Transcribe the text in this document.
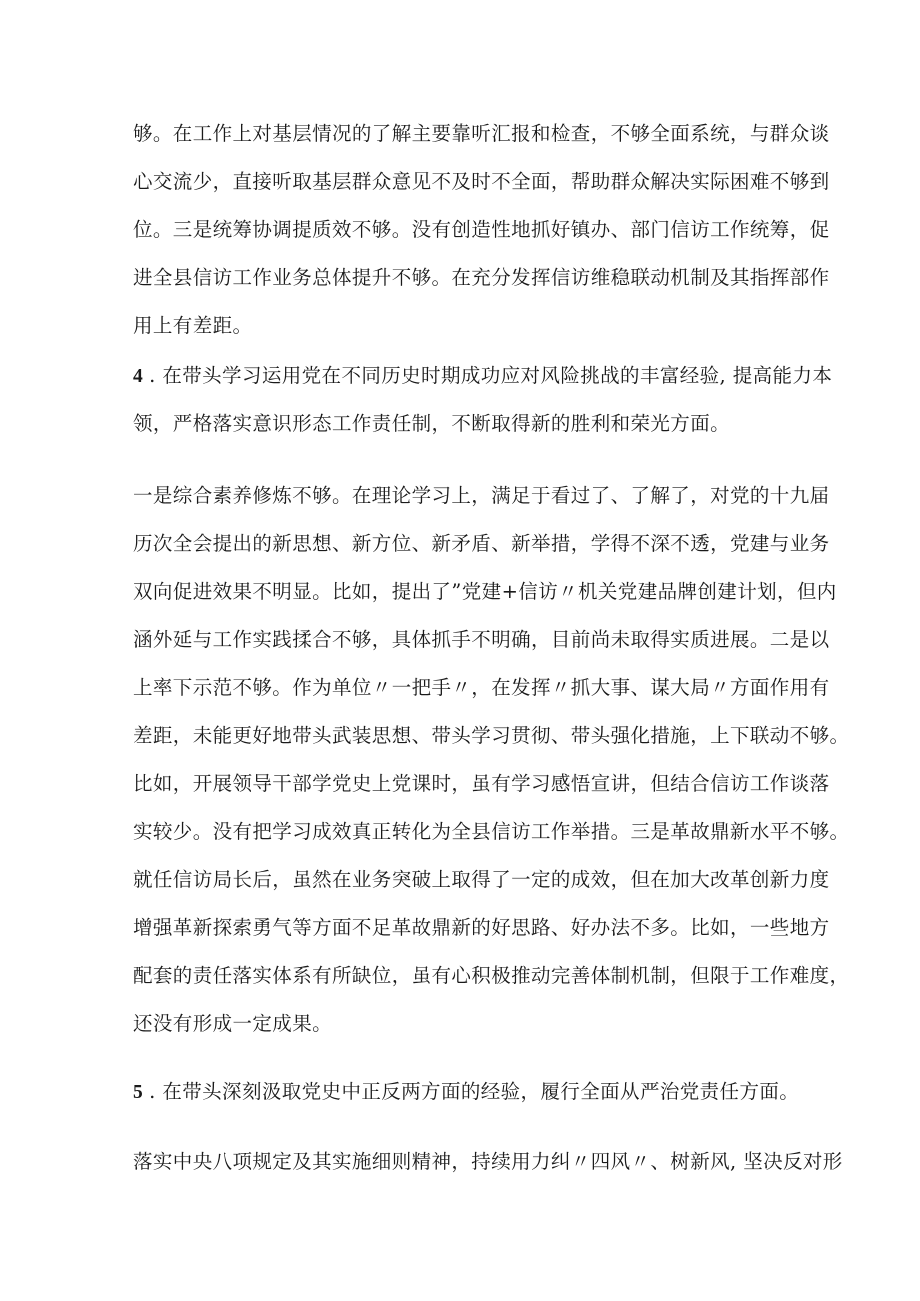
够。在工作上对基层情况的了解主要靠听汇报和检查，不够全面系统，与群众谈
心交流少，直接听取基层群众意见不及时不全面，帮助群众解决实际困难不够到
位。三是统筹协调提质效不够。没有创造性地抓好镇办、部门信访工作统筹，促
进全县信访工作业务总体提升不够。在充分发挥信访维稳联动机制及其指挥部作
用上有差距。
4 . 在带头学习运用党在不同历史时期成功应对风险挑战的丰富经验, 提高能力本
领，严格落实意识形态工作责任制，不断取得新的胜利和荣光方面。
一是综合素养修炼不够。在理论学习上，满足于看过了、了解了，对党的十九届
历次全会提出的新思想、新方位、新矛盾、新举措，学得不深不透，党建与业务
双向促进效果不明显。比如，提出了”党建+信访〃机关党建品牌创建计划，但内
涵外延与工作实践揉合不够，具体抓手不明确，目前尚未取得实质进展。二是以
上率下示范不够。作为单位〃一把手〃，在发挥〃抓大事、谋大局〃方面作用有
差距，未能更好地带头武装思想、带头学习贯彻、带头强化措施，上下联动不够。
比如，开展领导干部学党史上党课时，虽有学习感悟宣讲，但结合信访工作谈落
实较少。没有把学习成效真正转化为全县信访工作举措。三是革故鼎新水平不够。
就任信访局长后，虽然在业务突破上取得了一定的成效，但在加大改革创新力度
增强革新探索勇气等方面不足革故鼎新的好思路、好办法不多。比如，一些地方
配套的责任落实体系有所缺位，虽有心积极推动完善体制机制，但限于工作难度，
还没有形成一定成果。
5 . 在带头深刻汲取党史中正反两方面的经验，履行全面从严治党责任方面。
落实中央八项规定及其实施细则精神，持续用力纠〃四风〃、树新风, 坚决反对形
